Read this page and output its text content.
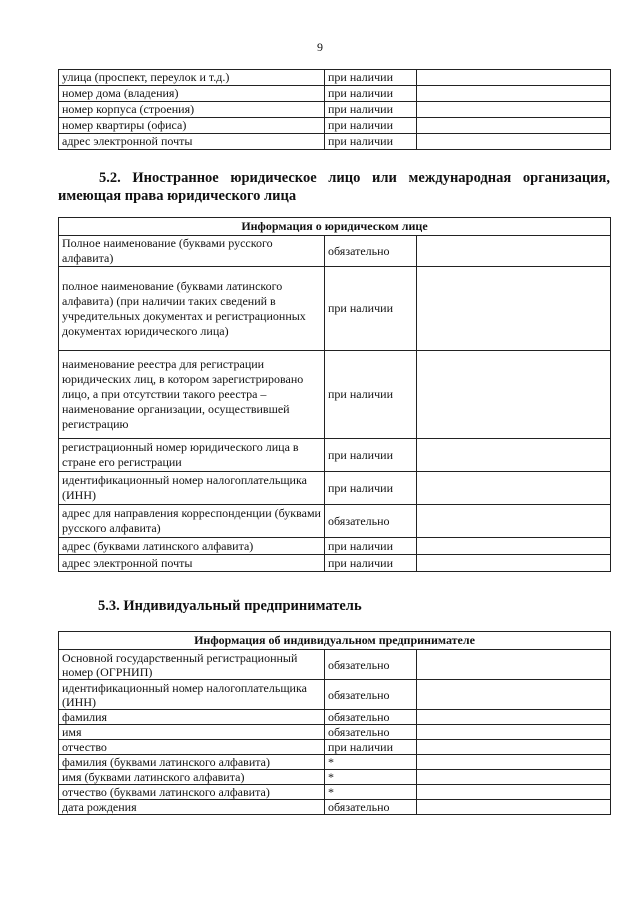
9
улица (проспект, переулок и т.д.)	при наличии	
номер дома (владения)	при наличии	
номер корпуса (строения)	при наличии	
номер квартиры (офиса)	при наличии	
адрес электронной почты	при наличии	
5.2. Иностранное юридическое лицо или международная организация, имеющая права юридического лица
Информация о юридическом лице		
Полное наименование (буквами русского алфавита)	обязательно	
полное наименование (буквами латинского алфавита) (при наличии таких сведений в учредительных документах и регистрационных документах юридического лица)	при наличии	
наименование реестра для регистрации юридических лиц, в котором зарегистрировано лицо, а при отсутствии такого реестра – наименование организации, осуществившей регистрацию	при наличии	
регистрационный номер юридического лица в стране его регистрации	при наличии	
идентификационный номер налогоплательщика (ИНН)	при наличии	
адрес для направления корреспонденции (буквами русского алфавита)	обязательно	
адрес (буквами латинского алфавита)	при наличии	
адрес электронной почты	при наличии	
5.3. Индивидуальный предприниматель
Информация об индивидуальном предпринимателе		
Основной государственный регистрационный номер (ОГРНИП)	обязательно	
идентификационный номер налогоплательщика (ИНН)	обязательно	
фамилия	обязательно	
имя	обязательно	
отчество	при наличии	
фамилия (буквами латинского алфавита)	*	
имя (буквами латинского алфавита)	*	
отчество (буквами латинского алфавита)	*	
дата рождения	обязательно	
